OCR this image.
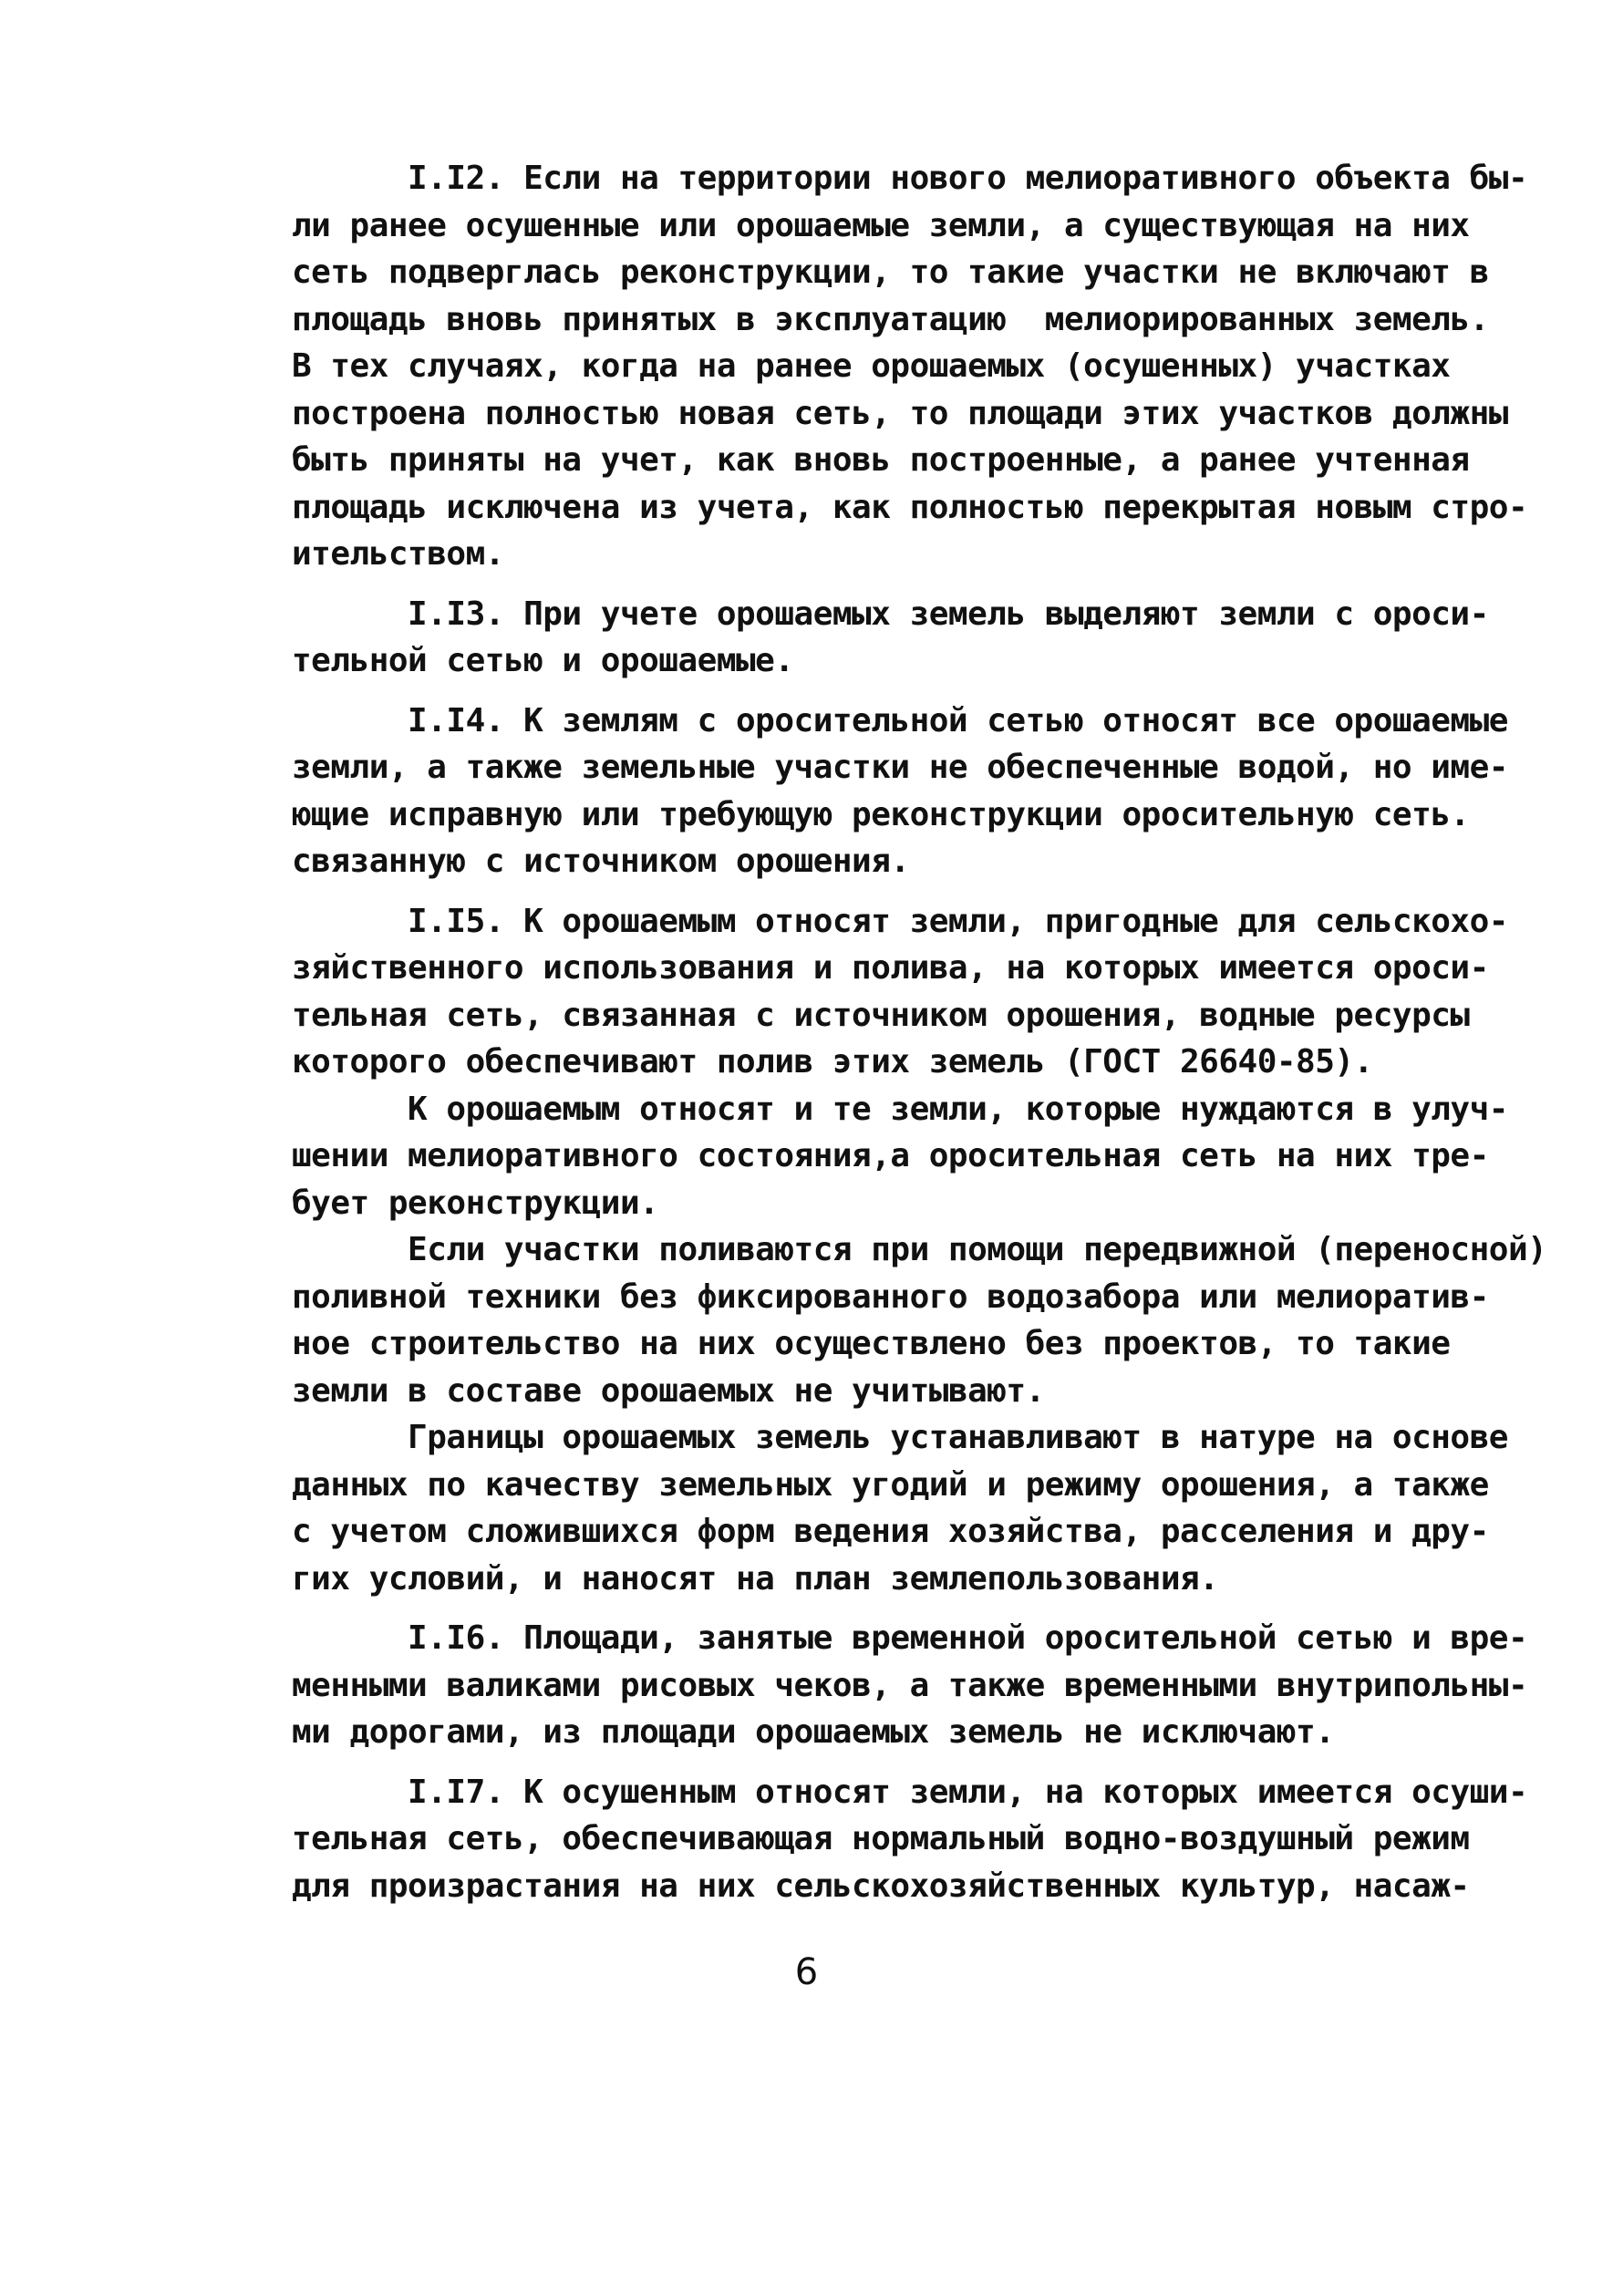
I.I2. Если на территории нового мелиоративного объекта бы-
ли ранее осушенные или орошаемые земли, а существующая на них
сеть подверглась реконструкции, то такие участки не включают в
площадь вновь принятых в эксплуатацию  мелиорированных земель.
В тех случаях, когда на ранее орошаемых (осушенных) участках
построена полностью новая сеть, то площади этих участков должны
быть приняты на учет, как вновь построенные, а ранее учтенная
площадь исключена из учета, как полностью перекрытая новым стро-
ительством.
I.I3. При учете орошаемых земель выделяют земли с ороси-
тельной сетью и орошаемые.
I.I4. К землям с оросительной сетью относят все орошаемые
земли, а также земельные участки не обеспеченные водой, но име-
ющие исправную или требующую реконструкции оросительную сеть.
связанную с источником орошения.
I.I5. К орошаемым относят земли, пригодные для сельскохо-
зяйственного использования и полива, на которых имеется ороси-
тельная сеть, связанная с источником орошения, водные ресурсы
которого обеспечивают полив этих земель (ГОСТ 26640-85).
К орошаемым относят и те земли, которые нуждаются в улуч-
шении мелиоративного состояния,а оросительная сеть на них тре-
бует реконструкции.
Если участки поливаются при помощи передвижной (переносной)
поливной техники без фиксированного водозабора или мелиоратив-
ное строительство на них осуществлено без проектов, то такие
земли в составе орошаемых не учитывают.
Границы орошаемых земель устанавливают в натуре на основе
данных по качеству земельных угодий и режиму орошения, а также
с учетом сложившихся форм ведения хозяйства, расселения и дру-
гих условий, и наносят на план землепользования.
I.I6. Площади, занятые временной оросительной сетью и вре-
менными валиками рисовых чеков, а также временными внутрипольны-
ми дорогами, из площади орошаемых земель не исключают.
I.I7. К осушенным относят земли, на которых имеется осуши-
тельная сеть, обеспечивающая нормальный водно-воздушный режим
для произрастания на них сельскохозяйственных культур, насаж-
6
